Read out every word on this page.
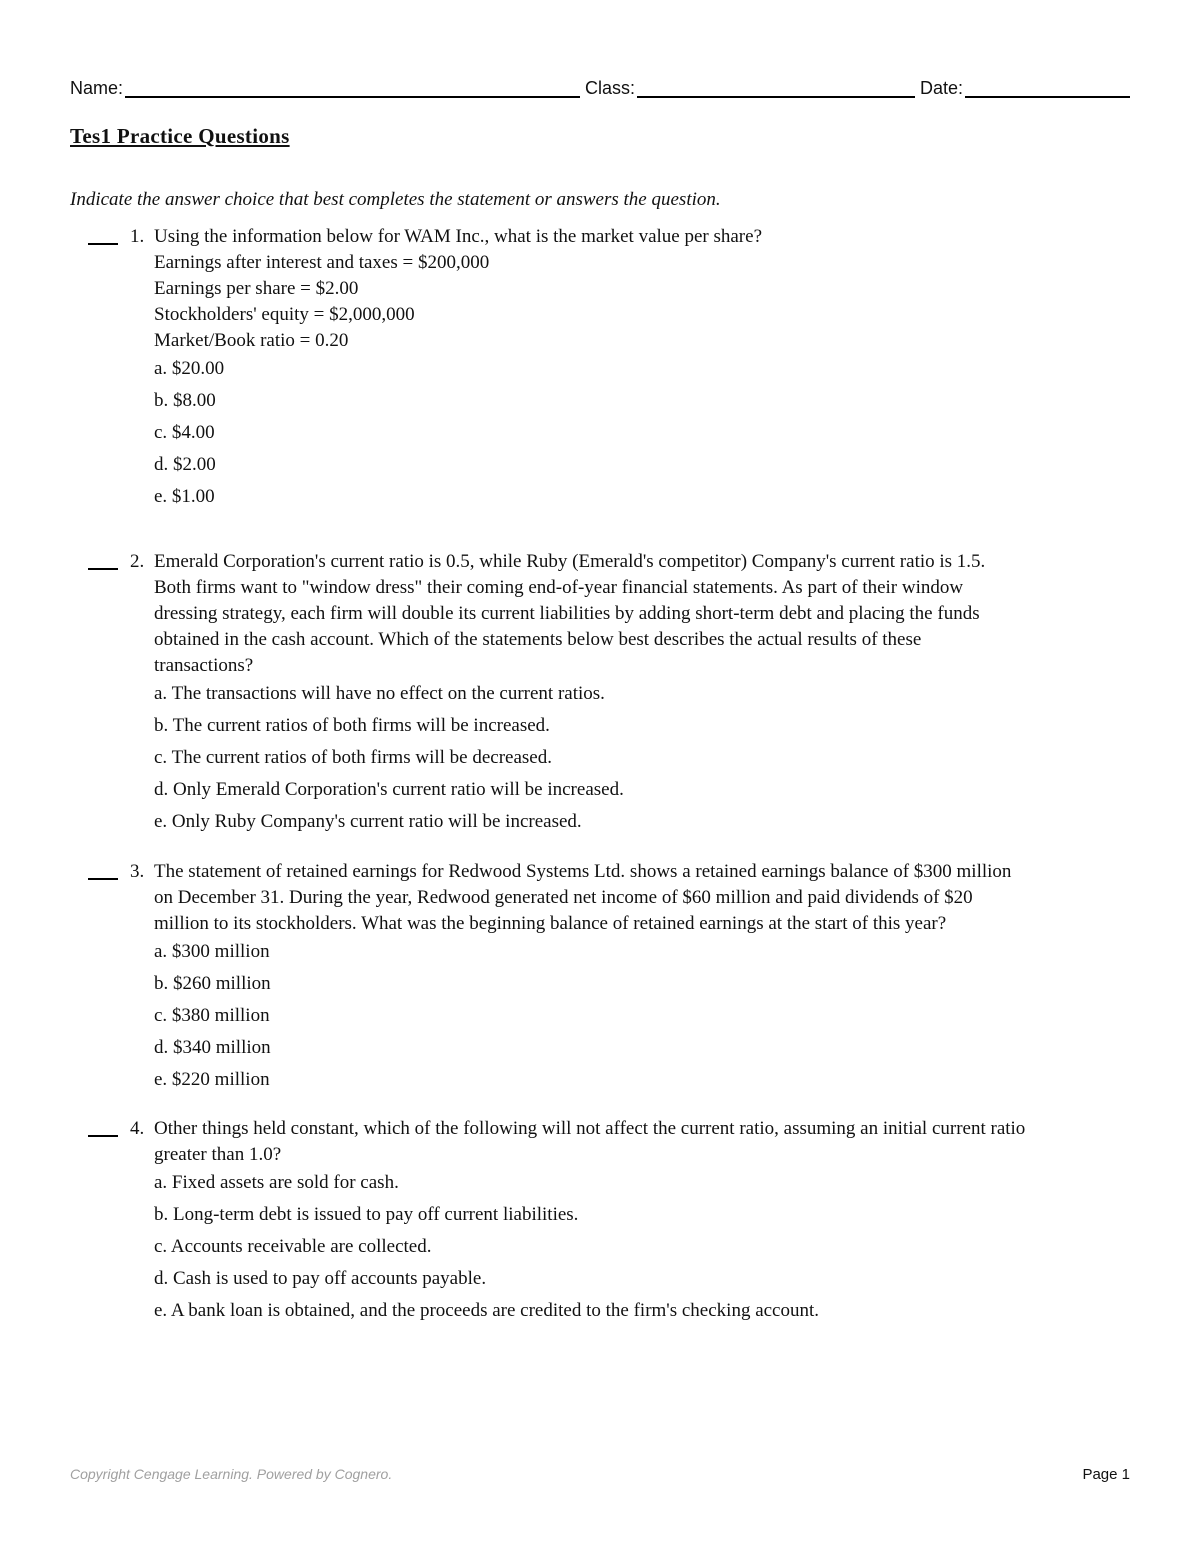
Name:	Class:	Date:
Tes1 Practice Questions

Indicate the answer choice that best completes the statement or answers the question.

1. Using the information below for WAM Inc., what is the market value per share?
Earnings after interest and taxes = $200,000
Earnings per share = $2.00
Stockholders' equity = $2,000,000
Market/Book ratio = 0.20
a. $20.00
b. $8.00
c. $4.00
d. $2.00
e. $1.00
2. Emerald Corporation's current ratio is 0.5, while Ruby (Emerald's competitor) Company's current ratio is 1.5.
Both firms want to "window dress" their coming end-of-year financial statements. As part of their window
dressing strategy, each firm will double its current liabilities by adding short-term debt and placing the funds
obtained in the cash account. Which of the statements below best describes the actual results of these
transactions?
a. The transactions will have no effect on the current ratios.
b. The current ratios of both firms will be increased.
c. The current ratios of both firms will be decreased.
d. Only Emerald Corporation's current ratio will be increased.
e. Only Ruby Company's current ratio will be increased.
3. The statement of retained earnings for Redwood Systems Ltd. shows a retained earnings balance of $300 million
on December 31. During the year, Redwood generated net income of $60 million and paid dividends of $20
million to its stockholders. What was the beginning balance of retained earnings at the start of this year?
a. $300 million
b. $260 million
c. $380 million
d. $340 million
e. $220 million
4. Other things held constant, which of the following will not affect the current ratio, assuming an initial current ratio
greater than 1.0?
a. Fixed assets are sold for cash.
b. Long-term debt is issued to pay off current liabilities.
c. Accounts receivable are collected.
d. Cash is used to pay off accounts payable.
e. A bank loan is obtained, and the proceeds are credited to the firm's checking account.
Copyright Cengage Learning. Powered by Cognero.	Page 1
